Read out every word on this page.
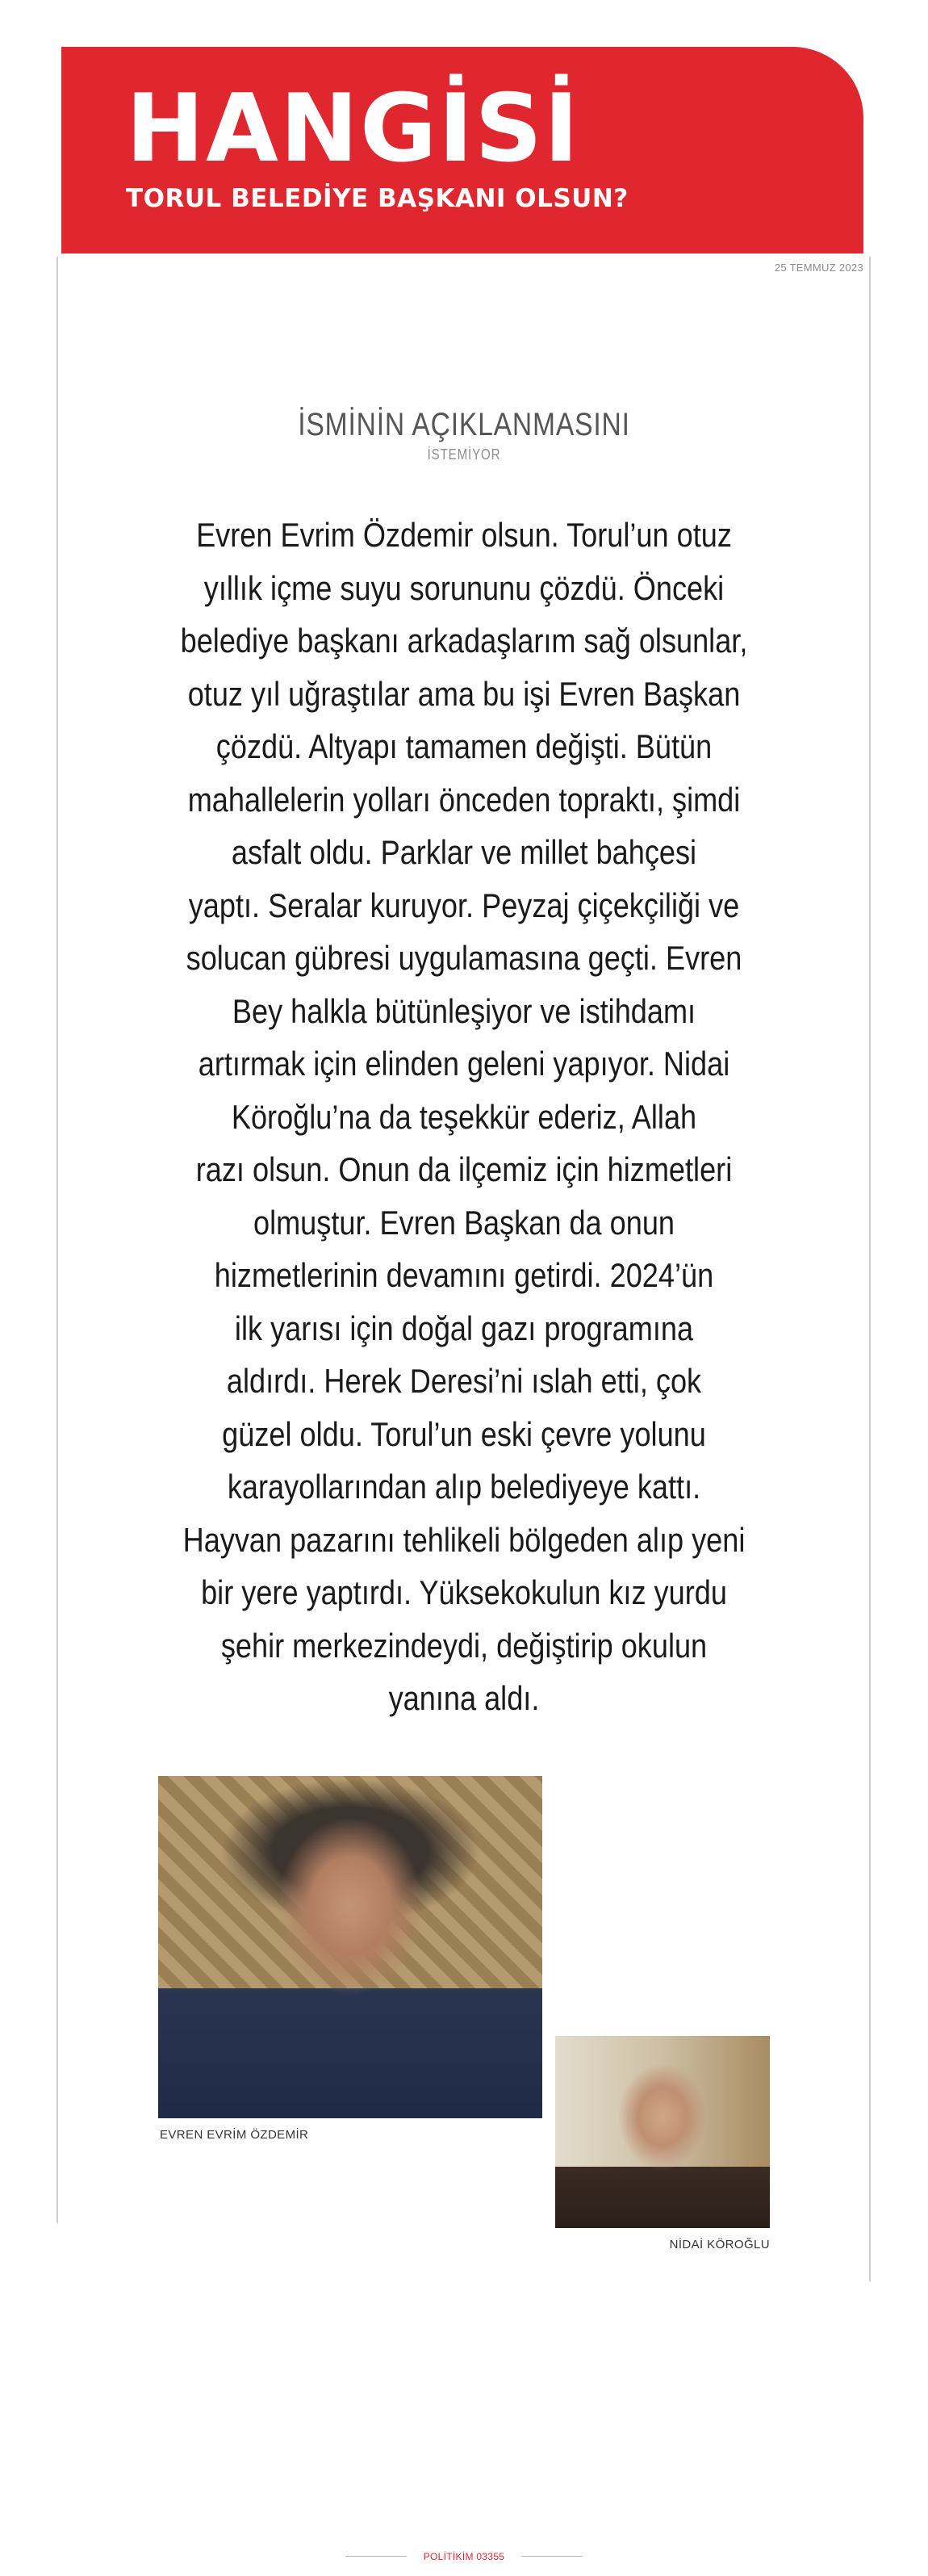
HANGİSİ
TORUL BELEDİYE BAŞKANI OLSUN?
25 TEMMUZ 2023
İSMİNİN AÇIKLANMASINI
İSTEMİYOR

Evren Evrim Özdemir olsun. Torul’un otuz
yıllık içme suyu sorununu çözdü. Önceki
belediye başkanı arkadaşlarım sağ olsunlar,
otuz yıl uğraştılar ama bu işi Evren Başkan
çözdü. Altyapı tamamen değişti. Bütün
mahallelerin yolları önceden topraktı, şimdi
asfalt oldu. Parklar ve millet bahçesi
yaptı. Seralar kuruyor. Peyzaj çiçekçiliği ve
solucan gübresi uygulamasına geçti. Evren
Bey halkla bütünleşiyor ve istihdamı
artırmak için elinden geleni yapıyor. Nidai
Köroğlu’na da teşekkür ederiz, Allah
razı olsun. Onun da ilçemiz için hizmetleri
olmuştur. Evren Başkan da onun
hizmetlerinin devamını getirdi. 2024’ün
ilk yarısı için doğal gazı programına
aldırdı. Herek Deresi’ni ıslah etti, çok
güzel oldu. Torul’un eski çevre yolunu
karayollarından alıp belediyeye kattı.
Hayvan pazarını tehlikeli bölgeden alıp yeni
bir yere yaptırdı. Yüksekokulun kız yurdu
şehir merkezindeydi, değiştirip okulun
yanına aldı.

EVREN EVRİM ÖZDEMİR
NİDAİ KÖROĞLU
POLİTİKİM 03355
